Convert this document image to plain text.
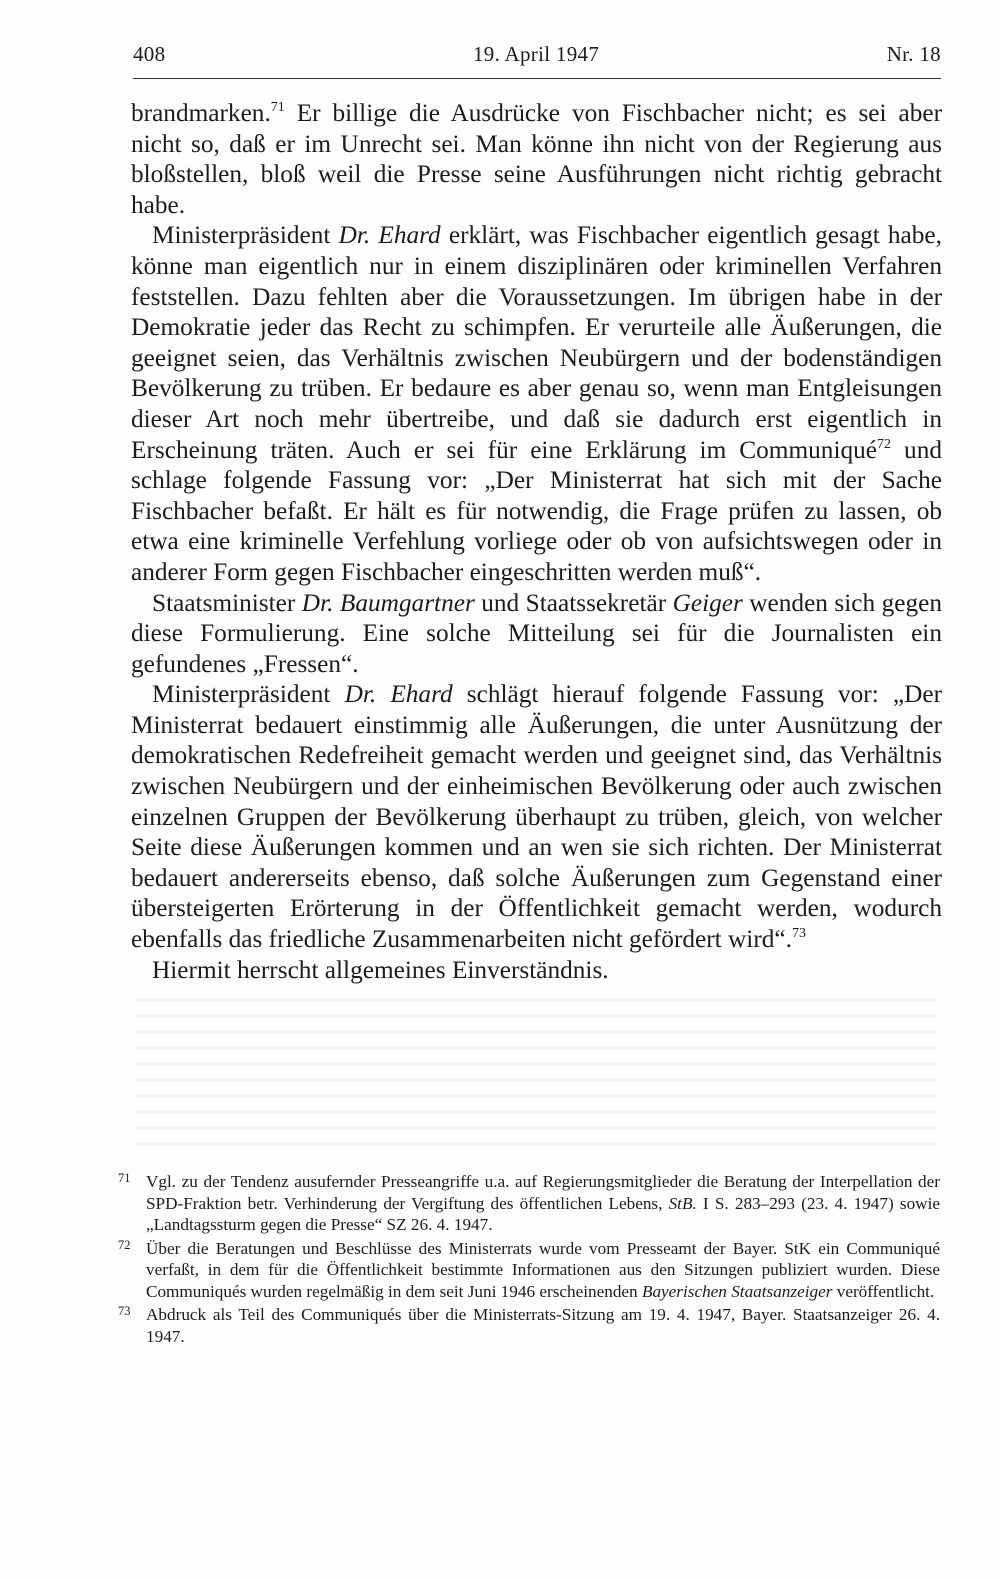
408	19. April 1947	Nr. 18

brandmarken.$^{71}$ Er billige die Ausdrücke von Fischbacher nicht; es sei aber nicht so, daß er im Unrecht sei. Man könne ihn nicht von der Regierung aus bloßstellen, bloß weil die Presse seine Ausführungen nicht richtig gebracht habe.

Ministerpräsident Dr. Ehard erklärt, was Fischbacher eigentlich gesagt habe, könne man eigentlich nur in einem disziplinären oder kriminellen Verfahren feststellen. Dazu fehlten aber die Voraussetzungen. Im übrigen habe in der Demokratie jeder das Recht zu schimpfen. Er verurteile alle Äußerungen, die geeignet seien, das Verhältnis zwischen Neubürgern und der bodenständigen Bevölkerung zu trüben. Er bedaure es aber genau so, wenn man Entgleisungen dieser Art noch mehr übertreibe, und daß sie dadurch erst eigentlich in Erscheinung träten. Auch er sei für eine Erklärung im Communiqué$^{72}$ und schlage folgende Fassung vor: „Der Ministerrat hat sich mit der Sache Fischbacher befaßt. Er hält es für notwendig, die Frage prüfen zu lassen, ob etwa eine kriminelle Verfehlung vorliege oder ob von aufsichtswegen oder in anderer Form gegen Fischbacher eingeschritten werden muß“.

Staatsminister Dr. Baumgartner und Staatssekretär Geiger wenden sich gegen diese Formulierung. Eine solche Mitteilung sei für die Journalisten ein gefundenes „Fressen“.

Ministerpräsident Dr. Ehard schlägt hierauf folgende Fassung vor: „Der Ministerrat bedauert einstimmig alle Äußerungen, die unter Ausnützung der demokratischen Redefreiheit gemacht werden und geeignet sind, das Verhältnis zwischen Neubürgern und der einheimischen Bevölkerung oder auch zwischen einzelnen Gruppen der Bevölkerung überhaupt zu trüben, gleich, von welcher Seite diese Äußerungen kommen und an wen sie sich richten. Der Ministerrat bedauert andererseits ebenso, daß solche Äußerungen zum Gegenstand einer übersteigerten Erörterung in der Öffentlichkeit gemacht werden, wodurch ebenfalls das friedliche Zusammenarbeiten nicht gefördert wird“.$^{73}$

Hiermit herrscht allgemeines Einverständnis.

71 Vgl. zu der Tendenz ausufernder Presseangriffe u.a. auf Regierungsmitglieder die Beratung der Interpellation der SPD-Fraktion betr. Verhinderung der Vergiftung des öffentlichen Lebens, StB. I S. 283–293 (23. 4. 1947) sowie „Landtagssturm gegen die Presse“ SZ 26. 4. 1947.

72 Über die Beratungen und Beschlüsse des Ministerrats wurde vom Presseamt der Bayer. StK ein Communiqué verfaßt, in dem für die Öffentlichkeit bestimmte Informationen aus den Sitzungen publiziert wurden. Diese Communiqués wurden regelmäßig in dem seit Juni 1946 erscheinenden Bayerischen Staatsanzeiger veröffentlicht.

73 Abdruck als Teil des Communiqués über die Ministerrats-Sitzung am 19. 4. 1947, Bayer. Staatsanzeiger 26. 4. 1947.
